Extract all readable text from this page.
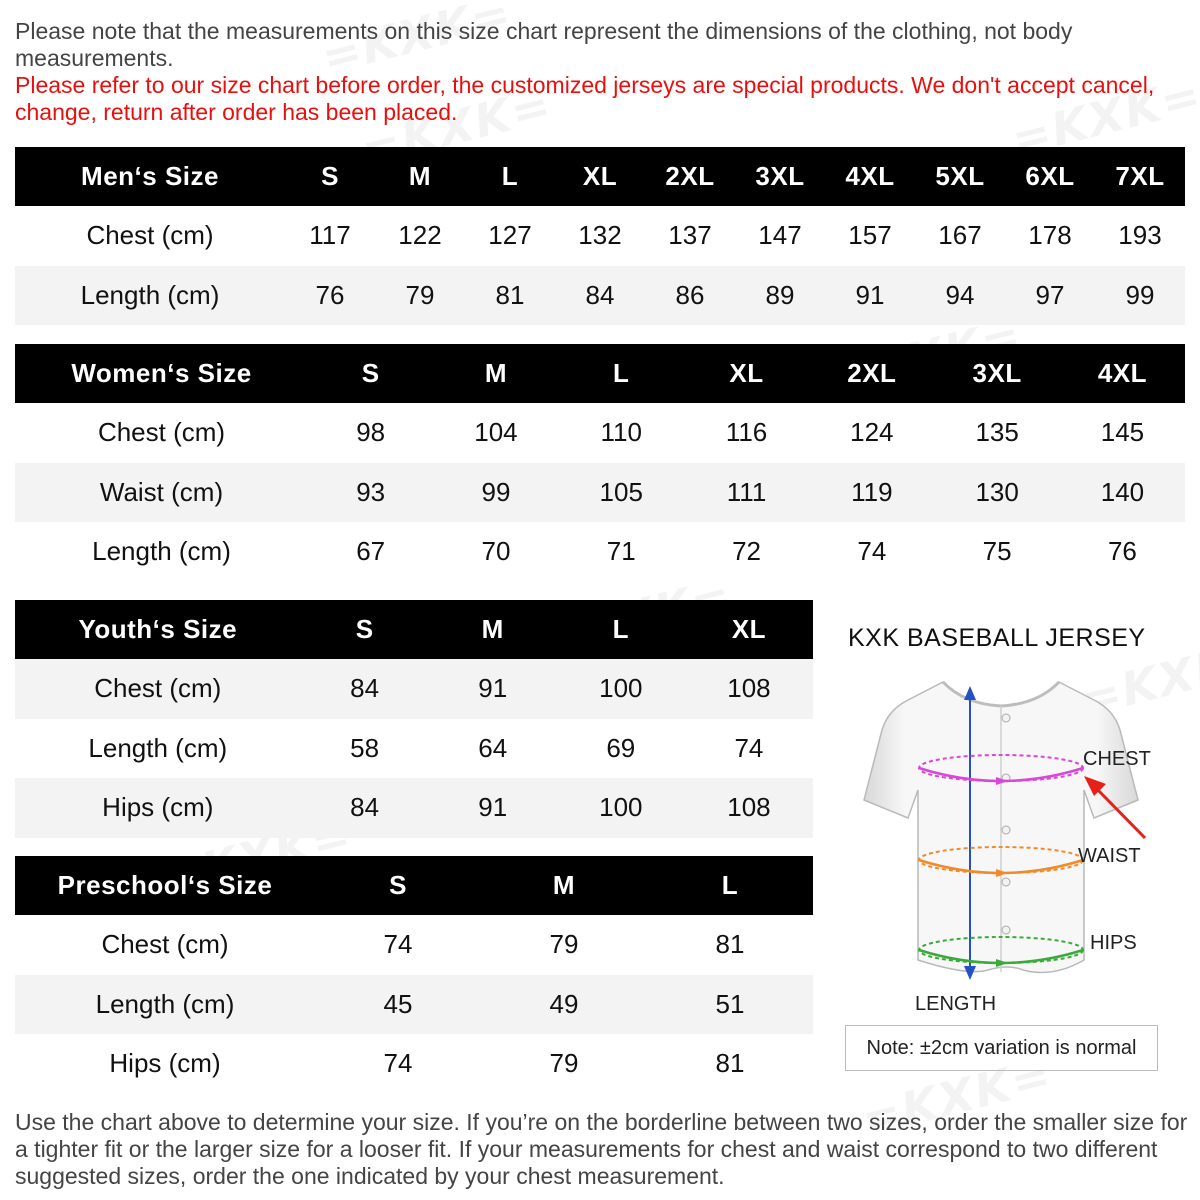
Please note that the measurements on this size chart represent the dimensions of the clothing, not body measurements.
Please refer to our size chart before order, the customized jerseys are special products. We don't accept cancel, change, return after order has been placed.
Men‘s Size	S	M	L	XL	2XL	3XL	4XL	5XL	6XL	7XL
Chest (cm)	117	122	127	132	137	147	157	167	178	193
Length (cm)	76	79	81	84	86	89	91	94	97	99
Women‘s Size	S	M	L	XL	2XL	3XL	4XL
Chest (cm)	98	104	110	116	124	135	145
Waist (cm)	93	99	105	111	119	130	140
Length (cm)	67	70	71	72	74	75	76
Youth‘s Size	S	M	L	XL
Chest (cm)	84	91	100	108
Length (cm)	58	64	69	74
Hips (cm)	84	91	100	108
Preschool‘s Size	S	M	L
Chest (cm)	74	79	81
Length (cm)	45	49	51
Hips (cm)	74	79	81
KXK BASEBALL JERSEY
CHEST
WAIST
HIPS
LENGTH
Note: ±2cm variation is normal
Use the chart above to determine your size. If you’re on the borderline between two sizes, order the smaller size for a tighter fit or the larger size for a looser fit. If your measurements for chest and waist correspond to two different suggested sizes, order the one indicated by your chest measurement.
